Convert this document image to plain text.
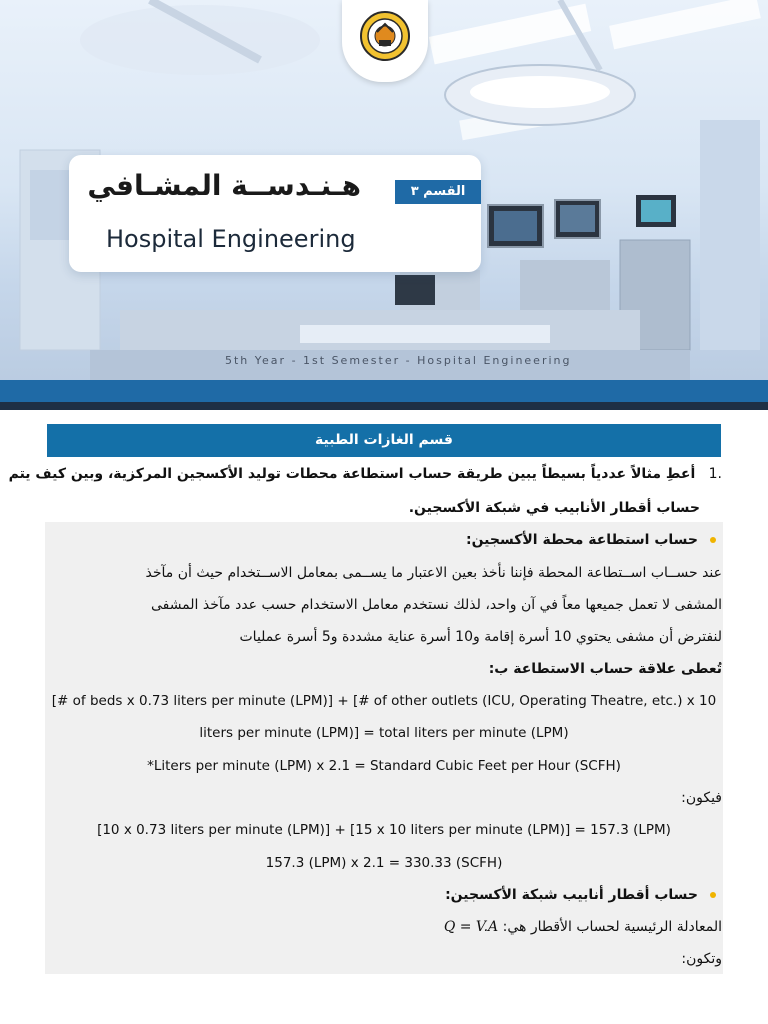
هـنـدســة المشـافي
Hospital Engineering
القسم ٣
5th Year - 1st Semester - Hospital Engineering
قسم الغازات الطبية
.1   أعطِ مثالاً عددياً بسيطاً يبين طريقة حساب استطاعة محطات توليد الأكسجين المركزية، وبين كيف يتم
حساب أقطار الأنابيب في شبكة الأكسجين.
حساب استطاعة محطة الأكسجين:
عند حســاب اســتطاعة المحطة فإننا نأخذ بعين الاعتبار ما يســمى بمعامل الاســتخدام حيث أن مآخذ
المشفى لا تعمل جميعها معاً في آن واحد، لذلك نستخدم معامل الاستخدام حسب عدد مآخذ المشفى
لنفترض أن مشفى يحتوي 10 أسرة إقامة و10 أسرة عناية مشددة و5 أسرة عمليات
تُعطى علاقة حساب الاستطاعة ب:
[# of beds x 0.73 liters per minute (LPM)] + [# of other outlets (ICU, Operating Theatre, etc.) x 10
liters per minute (LPM)] = total liters per minute (LPM)
*Liters per minute (LPM) x 2.1 = Standard Cubic Feet per Hour (SCFH)
فيكون:
[10 x 0.73 liters per minute (LPM)] + [15 x 10 liters per minute (LPM)] = 157.3 (LPM)
157.3 (LPM) x 2.1 = 330.33 (SCFH)
حساب أقطار أنابيب شبكة الأكسجين:
المعادلة الرئيسية لحساب الأقطار هي: Q = V.A
وتكون:
